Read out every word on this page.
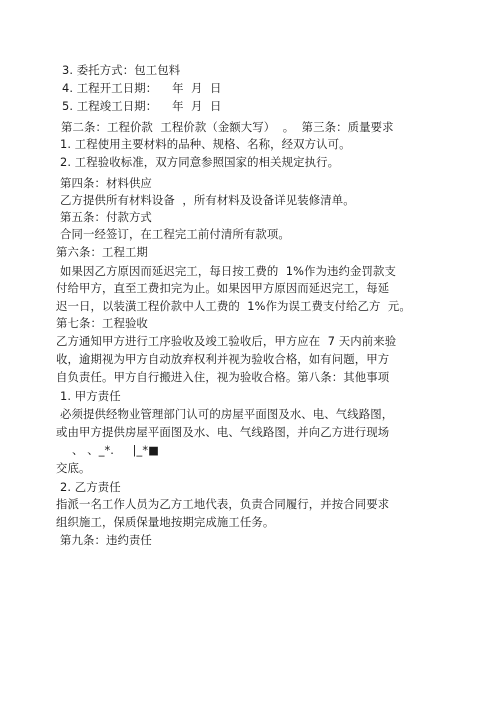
3. 委托方式：包工包料
4. 工程开工日期：    年  月  日
5. 工程竣工日期：    年  月  日
第二条：工程价款  工程价款（金额大写）  。  第三条：质量要求
1. 工程使用主要材料的品种、规格、名称，经双方认可。
2. 工程验收标准，双方同意参照国家的相关规定执行。
第四条：材料供应
乙方提供所有材料设备  ，所有材料及设备详见装修清单。
第五条：付款方式
合同一经签订，在工程完工前付清所有款项。
第六条：工程工期
如果因乙方原因而延迟完工，每日按工费的  1%作为违约金罚款支
付给甲方，直至工费扣完为止。如果因甲方原因而延迟完工，每延
迟一日，以装潢工程价款中人工费的  1%作为误工费支付给乙方  元。
第七条：工程验收
乙方通知甲方进行工序验收及竣工验收后，甲方应在  7 天内前来验
收，逾期视为甲方自动放弃权利并视为验收合格，如有问题，甲方
自负责任。甲方自行搬进入住，视为验收合格。第八条：其他事项
1. 甲方责任
必须提供经物业管理部门认可的房屋平面图及水、电、气线路图，
或由甲方提供房屋平面图及水、电、气线路图，并向乙方进行现场
、 、_*.     |_*■
交底。
2. 乙方责任
指派一名工作人员为乙方工地代表，负责合同履行，并按合同要求
组织施工，保质保量地按期完成施工任务。
第九条：违约责任
